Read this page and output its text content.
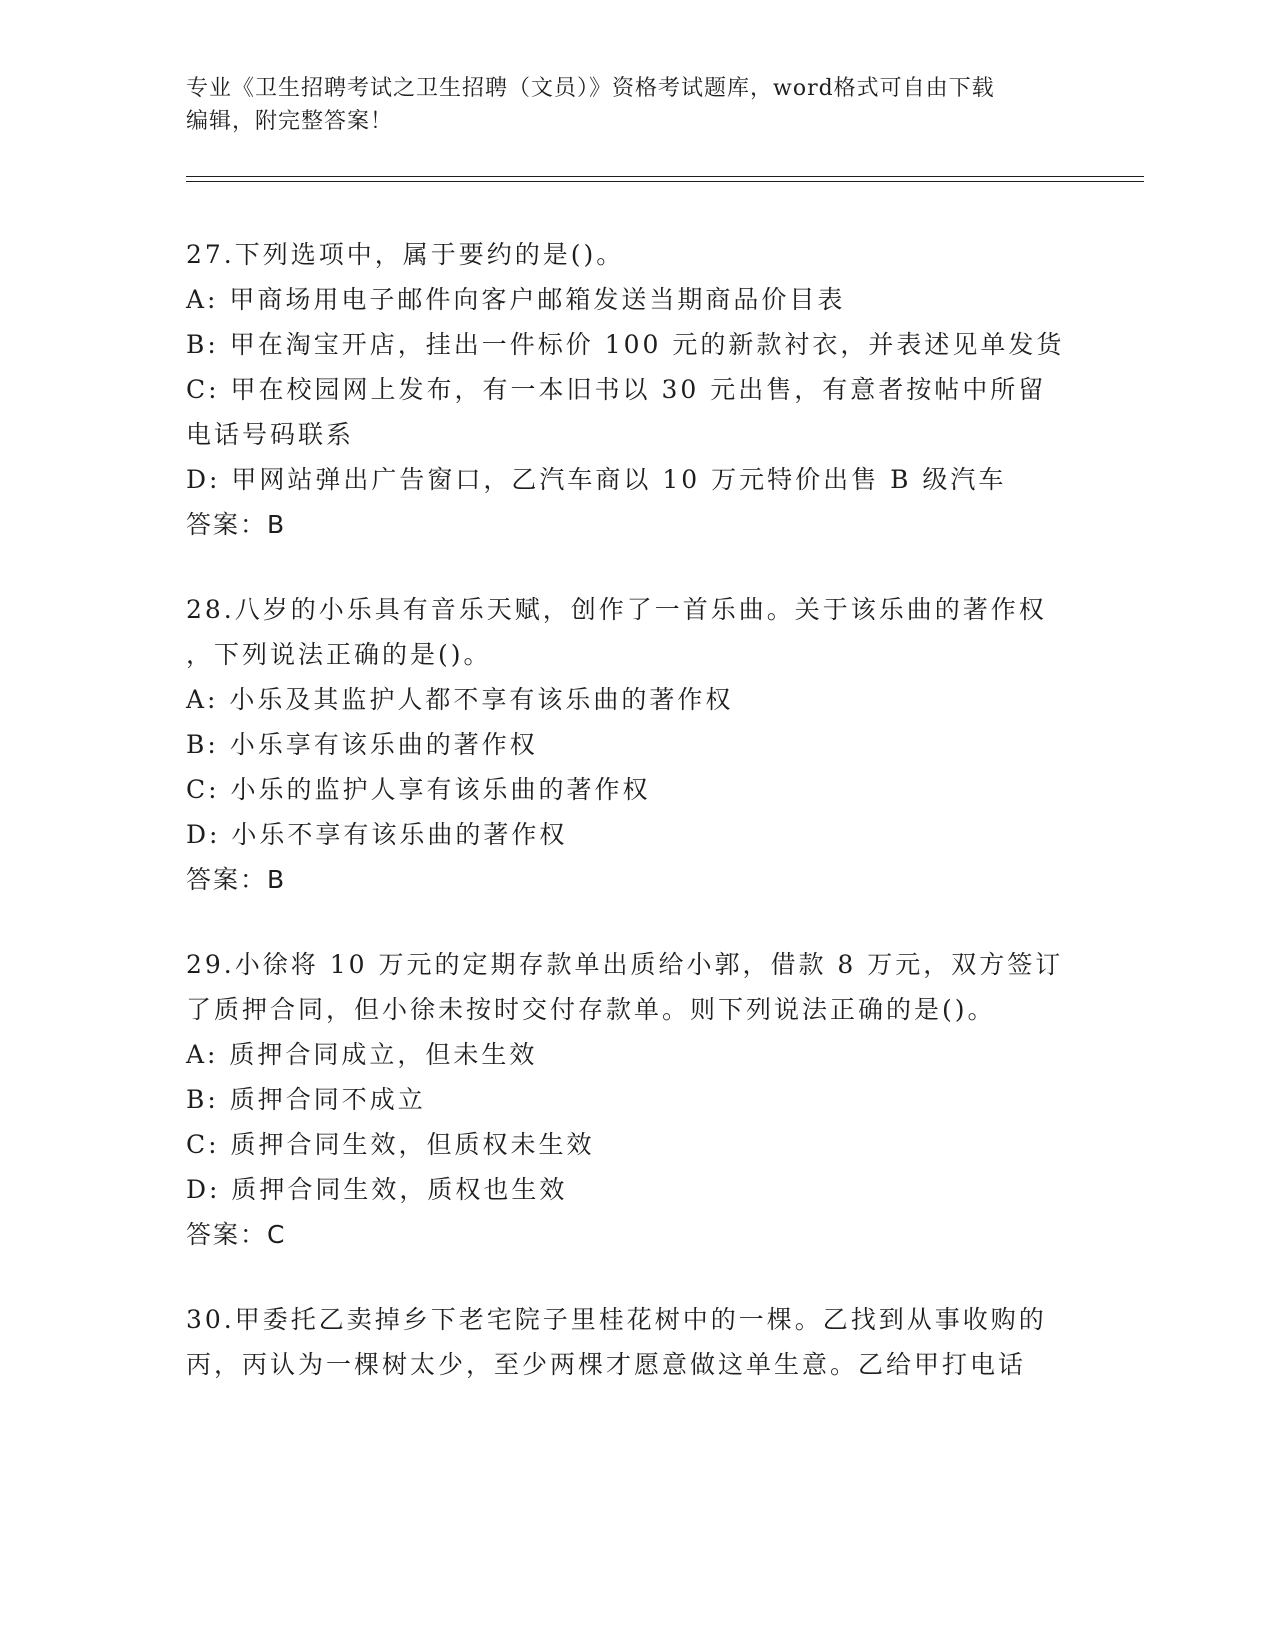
专业《卫生招聘考试之卫生招聘（文员）》资格考试题库，word格式可自由下载
编辑，附完整答案！
27.下列选项中，属于要约的是()。
A: 甲商场用电子邮件向客户邮箱发送当期商品价目表
B: 甲在淘宝开店，挂出一件标价 100 元的新款衬衣，并表述见单发货
C: 甲在校园网上发布，有一本旧书以 30 元出售，有意者按帖中所留
电话号码联系
D: 甲网站弹出广告窗口，乙汽车商以 10 万元特价出售 B 级汽车
答案：B
28.八岁的小乐具有音乐天赋，创作了一首乐曲。关于该乐曲的著作权
，下列说法正确的是()。
A: 小乐及其监护人都不享有该乐曲的著作权
B: 小乐享有该乐曲的著作权
C: 小乐的监护人享有该乐曲的著作权
D: 小乐不享有该乐曲的著作权
答案：B
29.小徐将 10 万元的定期存款单出质给小郭，借款 8 万元，双方签订
了质押合同，但小徐未按时交付存款单。则下列说法正确的是()。
A: 质押合同成立，但未生效
B: 质押合同不成立
C: 质押合同生效，但质权未生效
D: 质押合同生效，质权也生效
答案：C
30.甲委托乙卖掉乡下老宅院子里桂花树中的一棵。乙找到从事收购的
丙，丙认为一棵树太少，至少两棵才愿意做这单生意。乙给甲打电话
